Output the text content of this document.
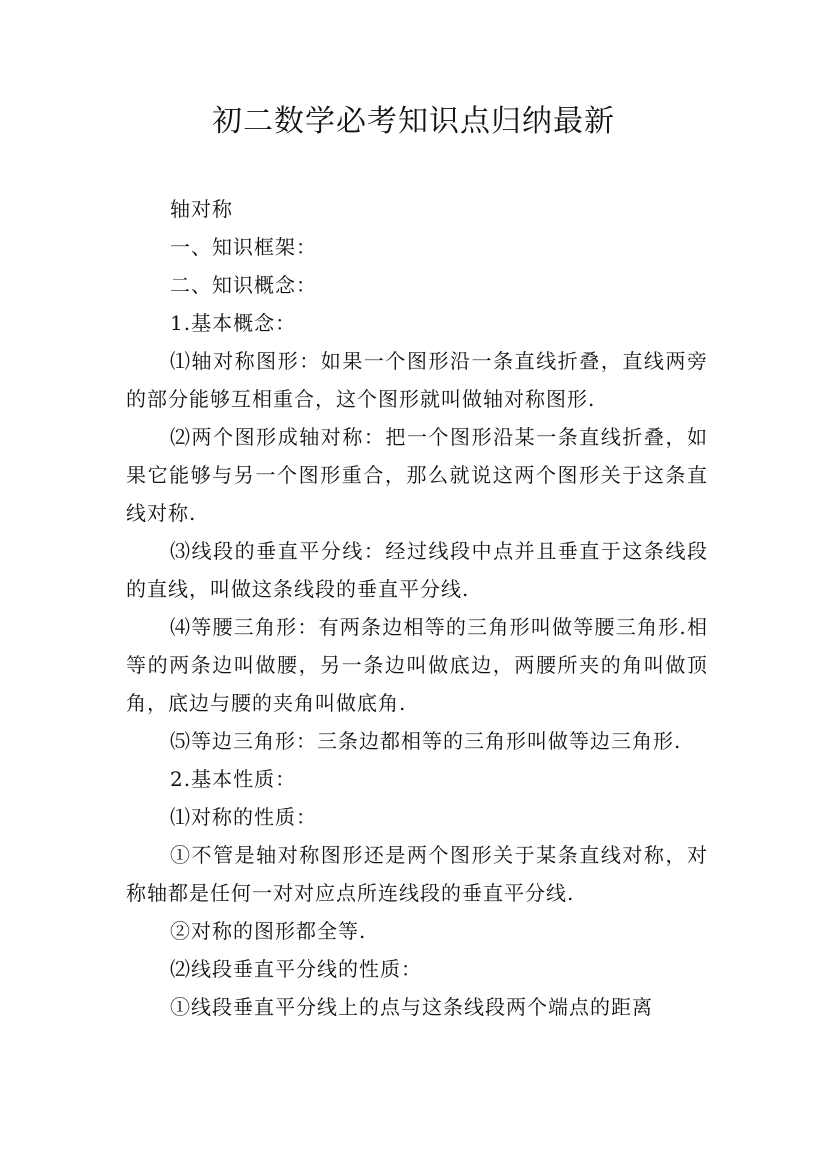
初二数学必考知识点归纳最新

轴对称

一、知识框架：

二、知识概念：

1.基本概念：

⑴轴对称图形：如果一个图形沿一条直线折叠，直线两旁的部分能够互相重合，这个图形就叫做轴对称图形.

⑵两个图形成轴对称：把一个图形沿某一条直线折叠，如果它能够与另一个图形重合，那么就说这两个图形关于这条直线对称.

⑶线段的垂直平分线：经过线段中点并且垂直于这条线段的直线，叫做这条线段的垂直平分线.

⑷等腰三角形：有两条边相等的三角形叫做等腰三角形.相等的两条边叫做腰，另一条边叫做底边，两腰所夹的角叫做顶角，底边与腰的夹角叫做底角.

⑸等边三角形：三条边都相等的三角形叫做等边三角形.

2.基本性质：

⑴对称的性质：

①不管是轴对称图形还是两个图形关于某条直线对称，对称轴都是任何一对对应点所连线段的垂直平分线.

②对称的图形都全等.

⑵线段垂直平分线的性质：

①线段垂直平分线上的点与这条线段两个端点的距离
